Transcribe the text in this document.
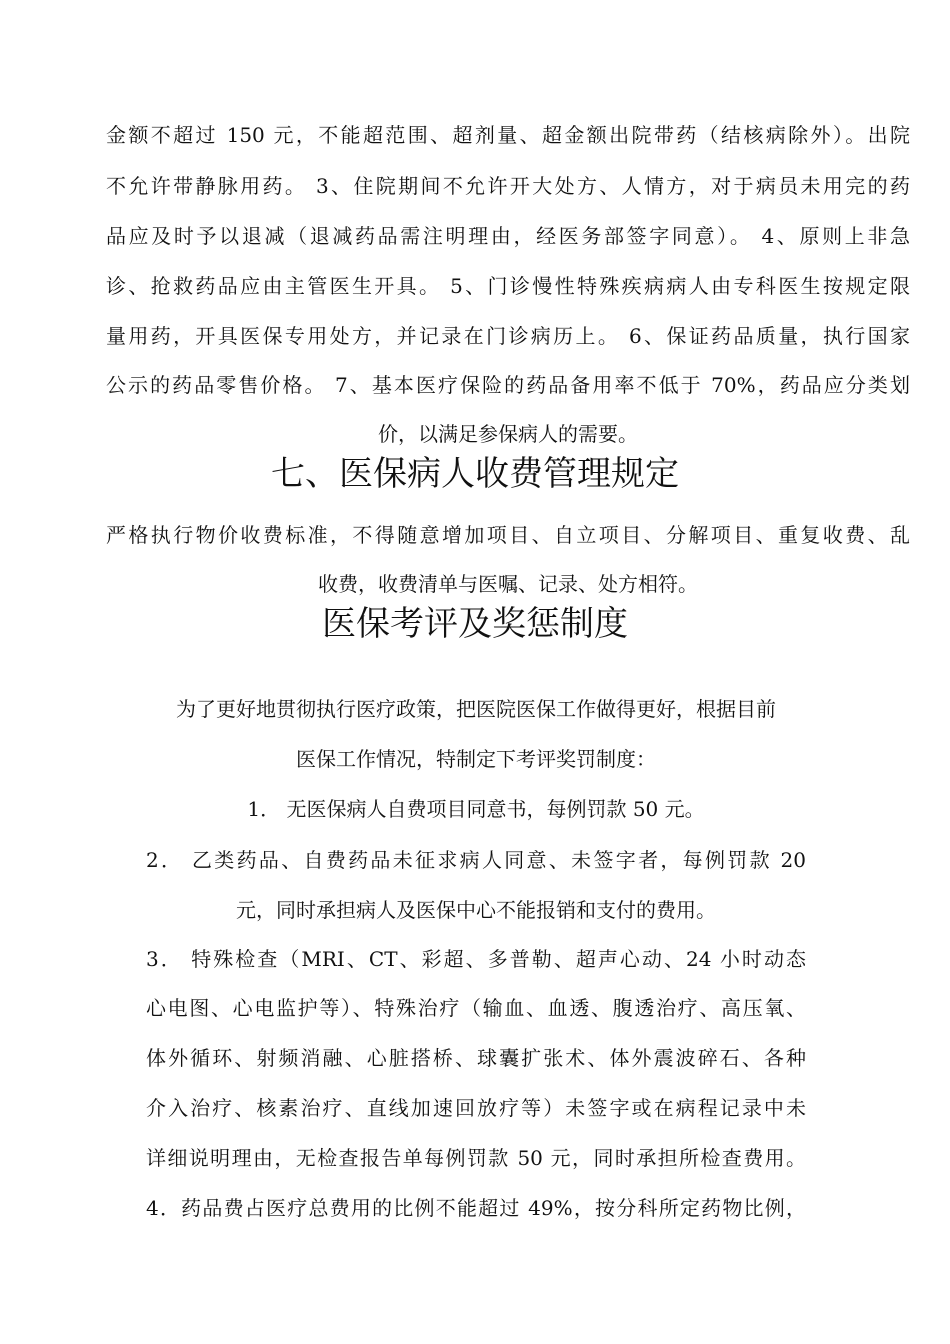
金额不超过 150 元，不能超范围、超剂量、超金额出院带药（结核病除外）。出院
不允许带静脉用药。 3、住院期间不允许开大处方、人情方，对于病员未用完的药
品应及时予以退减（退减药品需注明理由，经医务部签字同意）。 4、原则上非急
诊、抢救药品应由主管医生开具。 5、门诊慢性特殊疾病病人由专科医生按规定限
量用药，开具医保专用处方，并记录在门诊病历上。 6、保证药品质量，执行国家
公示的药品零售价格。 7、基本医疗保险的药品备用率不低于 70%，药品应分类划
价，以满足参保病人的需要。
七、医保病人收费管理规定
严格执行物价收费标准，不得随意增加项目、自立项目、分解项目、重复收费、乱
收费，收费清单与医嘱、记录、处方相符。
医保考评及奖惩制度
为了更好地贯彻执行医疗政策，把医院医保工作做得更好，根据目前
医保工作情况，特制定下考评奖罚制度：
1． 无医保病人自费项目同意书，每例罚款 50 元。
2． 乙类药品、自费药品未征求病人同意、未签字者，每例罚款 20
元，同时承担病人及医保中心不能报销和支付的费用。
3． 特殊检查（MRI、CT、彩超、多普勒、超声心动、24 小时动态
心电图、心电监护等）、特殊治疗（输血、血透、腹透治疗、高压氧、
体外循环、射频消融、心脏搭桥、球囊扩张术、体外震波碎石、各种
介入治疗、核素治疗、直线加速回放疗等）未签字或在病程记录中未
详细说明理由，无检查报告单每例罚款 50 元，同时承担所检查费用。
4．药品费占医疗总费用的比例不能超过 49%，按分科所定药物比例，
